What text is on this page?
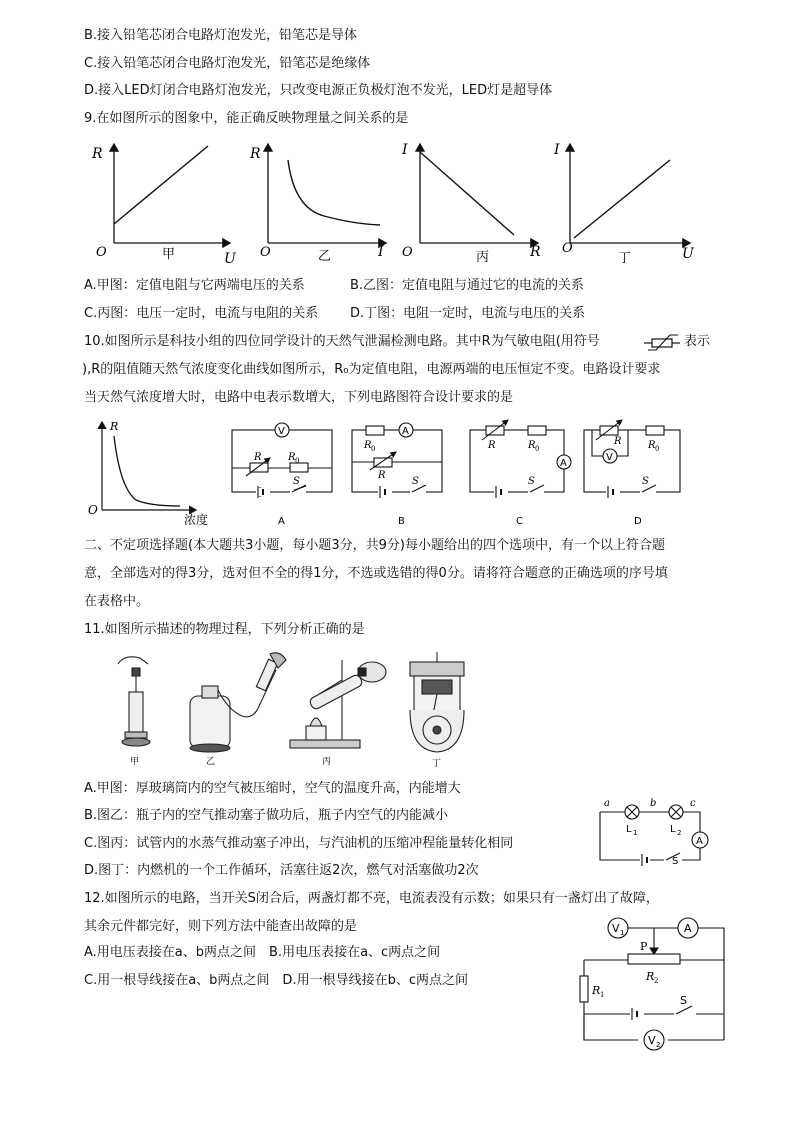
B.接入铅笔芯闭合电路灯泡发光，铅笔芯是导体
C.接入铅笔芯闭合电路灯泡发光，铅笔芯是绝缘体
D.接入LED灯闭合电路灯泡发光，只改变电源正负极灯泡不发光，LED灯是超导体
9.在如图所示的图象中，能正确反映物理量之间关系的是
R
U
O	甲
R
I
O	乙
I
R
O	丙
I
U
O
丁
A.甲图：定值电阻与它两端电压的关系	B.乙图：定值电阻与通过它的电流的关系
C.丙图：电压一定时，电流与电阻的关系 D.丁图：电阻一定时，电流与电压的关系
10.如图所示是科技小组的四位同学设计的天然气泄漏检测电路。其中R为气敏电阻(用符号	表示
),R的阻值随天然气浓度变化曲线如图所示，R₀为定值电阻，电源两端的电压恒定不变。电路设计要求
当天然气浓度增大时，电路中电表示数增大，下列电路图符合设计要求的是
R
O
浓度
V
R	R 0
S
A
A
R 0
R
S
B
R	R 0
A
S
C
R	R 0
V
S
D
二、不定项选择题(本大题共3小题，每小题3分，共9分)每小题给出的四个选项中，有一个以上符合题
意，全部选对的得3分，选对但不全的得1分，不选或选错的得0分。请将符合题意的正确选项的序号填
在表格中。
11.如图所示描述的物理过程，下列分析正确的是
甲	乙	丙	丁
A.甲图：厚玻璃筒内的空气被压缩时，空气的温度升高，内能增大
B.图乙：瓶子内的空气推动塞子做功后，瓶子内空气的内能减小
C.图丙：试管内的水蒸气推动塞子冲出，与汽油机的压缩冲程能量转化相同
D.图丁：内燃机的一个工作循环，活塞往返2次，燃气对活塞做功2次
a	b	c
L 1	L 2
A
S
12.如图所示的电路，当开关S闭合后，两盏灯都不亮，电流表没有示数；如果只有一盏灯出了故障，
其余元件都完好，则下列方法中能查出故障的是
A.用电压表接在a、b两点之间　B.用电压表接在a、c两点之间
C.用一根导线接在a、b两点之间　D.用一根导线接在b、c两点之间
V 1	A
P
R 2
R 1	S
V 2
